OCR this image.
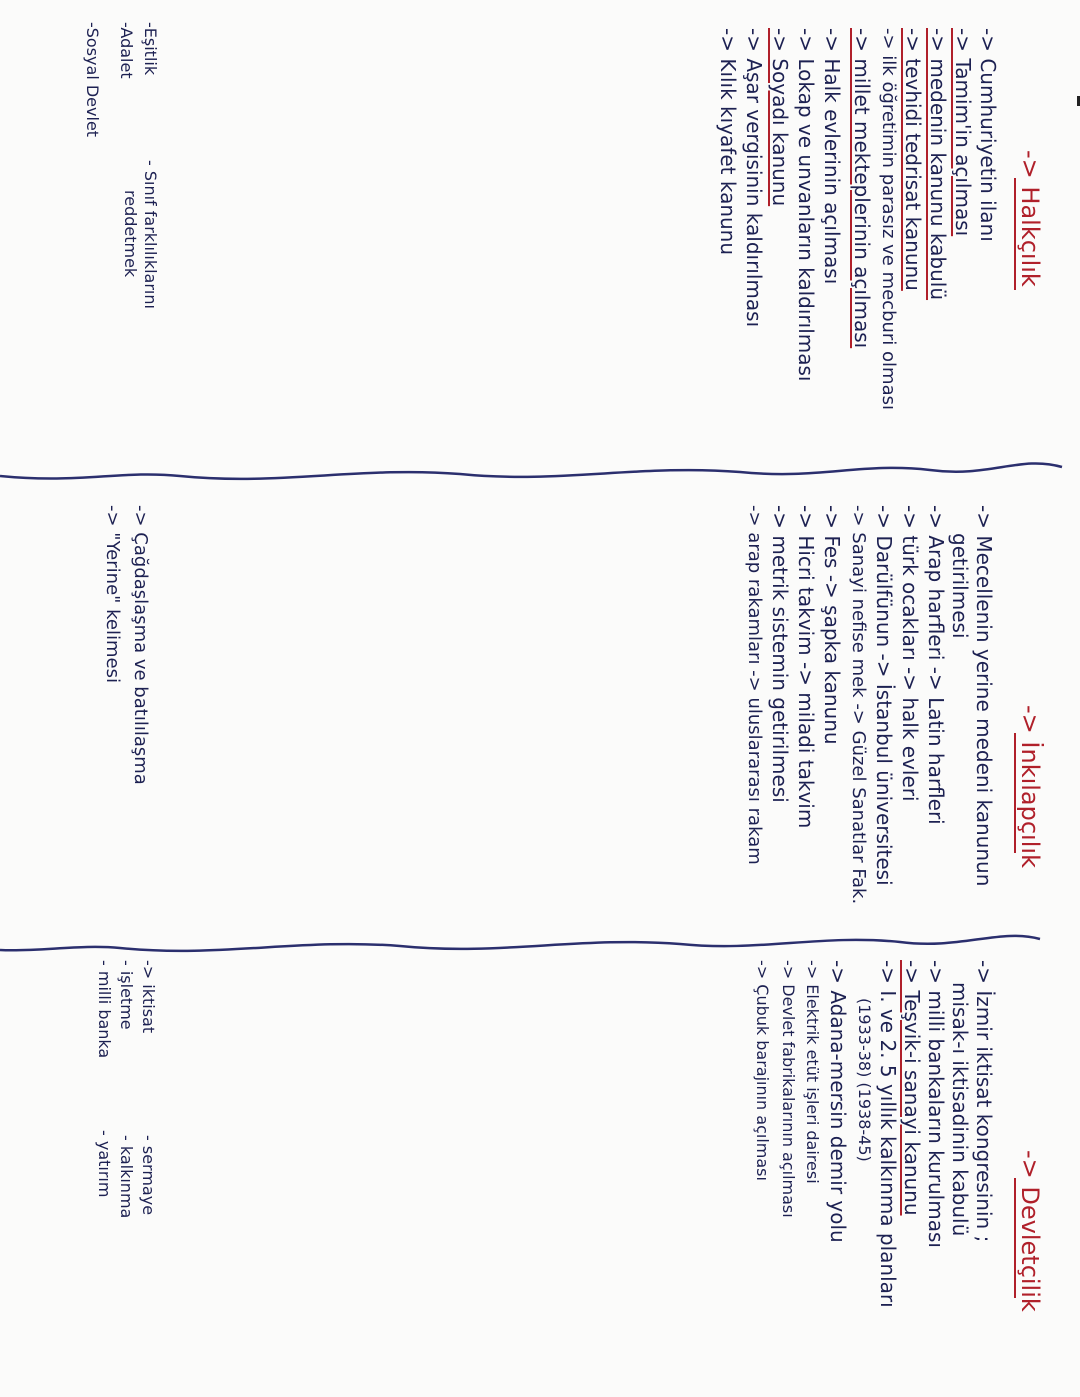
-> Halkçılık
-> Cumhuriyetin ilanı
-> Tamim'in açılması
-> medenin kanunu kabulü
-> tevhidi tedrisat kanunu
-> ilk öğretimin parasız ve mecburi olması
-> millet mekteplerinin açılması
-> Halk evlerinin açılması
-> Lokap ve unvanların kaldırılması
-> Soyadı kanunu
-> Aşar vergisinin kaldırılması
-> Kılık kıyafet kanunu
-Eşitlik
-Adalet
-Sosyal Devlet
- Sınıf farklılıklarını
reddetmek
-> İnkılapçılık
-> Mecellenin yerine medeni kanunun
getirilmesi
-> Arap harfleri -> Latin harfleri
-> türk ocakları -> halk evleri
-> Darülfünun -> İstanbul üniversitesi
-> Sanayi nefise mek -> Güzel Sanatlar Fak.
-> Fes -> şapka kanunu
-> Hicri takvim -> miladi takvim
-> metrik sistemin getirilmesi
-> arap rakamları -> uluslararası rakam
-> Çağdaşlaşma ve batılılaşma
-> "Yerine" kelimesi
-> Devletçilik
-> İzmir iktisat kongresinin ;
misak-ı iktisadinin kabulü
-> milli bankaların kurulması
-> Teşvik-i sanayi kanunu
-> I. ve 2. 5 yıllık kalkınma planları
(1933-38) (1938-45)
-> Adana-mersin demir yolu
-> Elektrik etüt işleri dairesi
-> Devlet fabrikalarının açılması
-> Çubuk barajının açılması
-> iktisat
- işletme
- milli banka
- sermaye
- kalkınma
- yatırım
